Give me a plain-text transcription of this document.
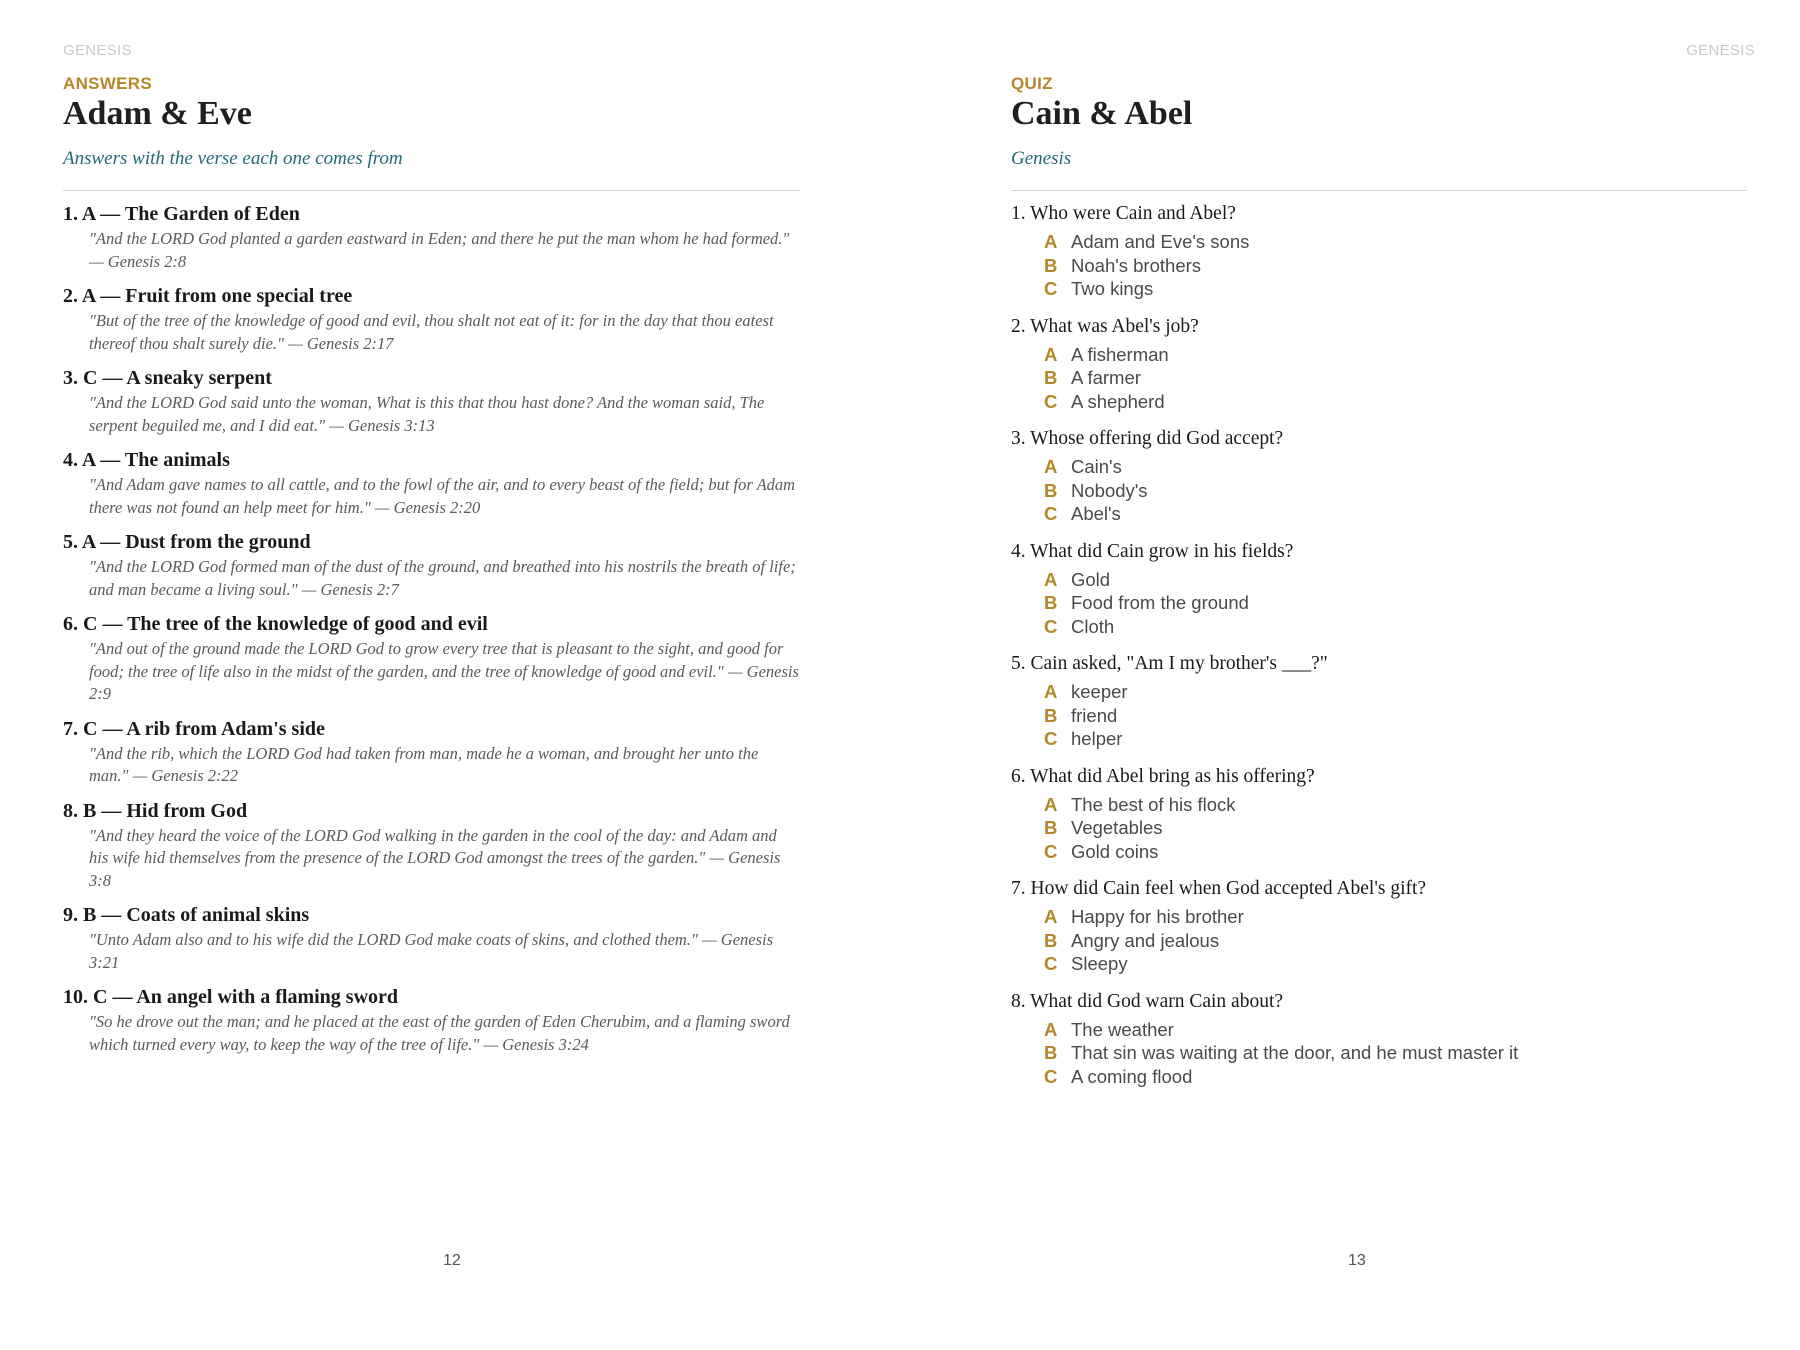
GENESIS
ANSWERS
Adam & Eve
Answers with the verse each one comes from
1. A — The Garden of Eden
"And the LORD God planted a garden eastward in Eden; and there he put the man whom he had formed." — Genesis 2:8
2. A — Fruit from one special tree
"But of the tree of the knowledge of good and evil, thou shalt not eat of it: for in the day that thou eatest thereof thou shalt surely die." — Genesis 2:17
3. C — A sneaky serpent
"And the LORD God said unto the woman, What is this that thou hast done? And the woman said, The serpent beguiled me, and I did eat." — Genesis 3:13
4. A — The animals
"And Adam gave names to all cattle, and to the fowl of the air, and to every beast of the field; but for Adam there was not found an help meet for him." — Genesis 2:20
5. A — Dust from the ground
"And the LORD God formed man of the dust of the ground, and breathed into his nostrils the breath of life; and man became a living soul." — Genesis 2:7
6. C — The tree of the knowledge of good and evil
"And out of the ground made the LORD God to grow every tree that is pleasant to the sight, and good for food; the tree of life also in the midst of the garden, and the tree of knowledge of good and evil." — Genesis 2:9
7. C — A rib from Adam's side
"And the rib, which the LORD God had taken from man, made he a woman, and brought her unto the man." — Genesis 2:22
8. B — Hid from God
"And they heard the voice of the LORD God walking in the garden in the cool of the day: and Adam and his wife hid themselves from the presence of the LORD God amongst the trees of the garden." — Genesis 3:8
9. B — Coats of animal skins
"Unto Adam also and to his wife did the LORD God make coats of skins, and clothed them." — Genesis 3:21
10. C — An angel with a flaming sword
"So he drove out the man; and he placed at the east of the garden of Eden Cherubim, and a flaming sword which turned every way, to keep the way of the tree of life." — Genesis 3:24
12
GENESIS
QUIZ
Cain & Abel
Genesis
1. Who were Cain and Abel?
A Adam and Eve's sons
B Noah's brothers
C Two kings
2. What was Abel's job?
A A fisherman
B A farmer
C A shepherd
3. Whose offering did God accept?
A Cain's
B Nobody's
C Abel's
4. What did Cain grow in his fields?
A Gold
B Food from the ground
C Cloth
5. Cain asked, "Am I my brother's ___?"
A keeper
B friend
C helper
6. What did Abel bring as his offering?
A The best of his flock
B Vegetables
C Gold coins
7. How did Cain feel when God accepted Abel's gift?
A Happy for his brother
B Angry and jealous
C Sleepy
8. What did God warn Cain about?
A The weather
B That sin was waiting at the door, and he must master it
C A coming flood
13
